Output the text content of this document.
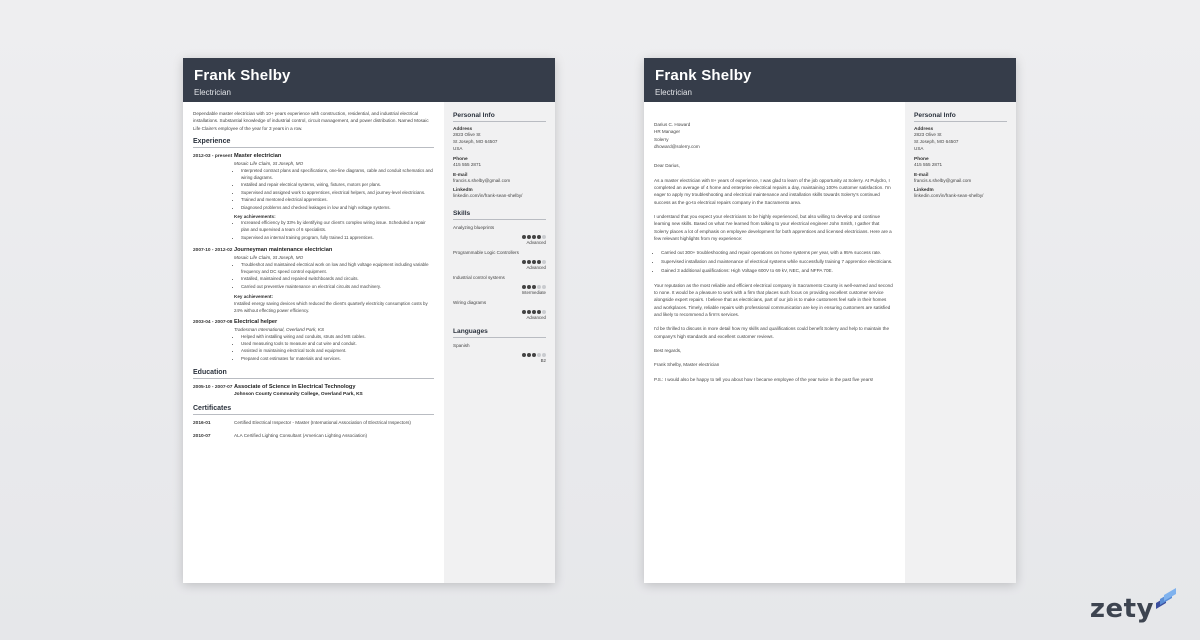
Frank Shelby
Electrician
Dependable master electrician with 10+ years experience with construction, residential, and industrial electrical installations. Substantial knowledge of industrial control, circuit management, and power distribution. Named Mosaic Life Claire's employee of the year for 3 years in a row.
Experience
2012-03 - present Master electrician
Mosaic Life Claim, St Joseph, MO
• Interpreted contract plans and specifications, one-line diagrams, cable and conduit schematics and wiring diagrams.
• Installed and repair electrical systems, wiring, fixtures, motors per plans.
• Supervised and assigned work to apprentices, electrical helpers, and journey-level electricians.
• Trained and mentored electrical apprentices.
• Diagnosed problems and checked leakages in low and high voltage systems.
Key achievements:
• Increased efficiency by 33% by identifying our client's complex wiring issue. Scheduled a repair plan and supervised a team of 6 specialists.
• Supervised an internal training program, fully trained 11 apprentices.
2007-10 - 2012-02 Journeyman maintenance electrician
Mosaic Life Claim, St Joseph, MO
• Troubleshot and maintained electrical work on low and high voltage equipment including variable frequency and DC speed control equipment.
• Installed, maintained and repaired switchboards and circuits.
• Carried out preventive maintenance on electrical circuits and machinery.
Key achievement:
Installed energy saving devices which reduced the client's quarterly electricity consumption costs by 24% without effecting power efficiency.
2003-04 - 2007-08 Electrical helper
Tradesman International, Overland Park, KS
• Helped with installing wiring and conduits, struts and MS cables.
• Used measuring tools to measure and cut wire and conduit.
• Assisted in maintaining electrical tools and equipment.
• Prepared cost estimates for materials and services.
Education
2005-10 - 2007-07 Associate of Science in Electrical Technology
Johnson County Community College, Overland Park, KS
Certificates
2016-01	Certified Electrical Inspector - Master (International Association of Electrical Inspectors)
2010-07	ALA Certified Lighting Consultant (American Lighting Association)
Personal Info
Address
2823 Olive St
St Joseph, MO 64507
USA
Phone
415 555 2871
E-mail
francis.s.shelby@gmail.com
LinkedIn
linkedin.com/in/frank-sean-shelby/
Skills
Analyzing blueprints
Advanced
Programmable Logic Controllers
Advanced
Industrial control systems
Intermediate
Wiring diagrams
Advanced
Languages
Spanish
B2
Frank Shelby
Electrician

Darius C. Howard
HR Manager
Solerry
dhoward@solerry.com

Dear Darius,

As a master electrician with 8+ years of experience, I was glad to learn of the job opportunity at Solerry. At Pulydro, I completed an average of 4 home and enterprise electrical repairs a day, maintaining 100% customer satisfaction. I'm eager to apply my troubleshooting and electrical maintenance and installation skills towards Solerry's continued success as the go-to electrical repairs company in the Sacramento area.

I understand that you expect your electricians to be highly experienced, but also willing to develop and continue learning new skills. Based on what I've learned from talking to your electrical engineer John Smith, I gather that Solerry places a lot of emphasis on employee development for both apprentices and licensed electricians. Here are a few relevant highlights from my experience:

• Carried out 300+ troubleshooting and repair operations on home systems per year, with a 95% success rate.
• Supervised installation and maintenance of electrical systems while successfully training 7 apprentice electricians.
• Gained 3 additional qualifications: High Voltage 600V to 69 kV, NEC, and NFPA 70E.

Your reputation as the most reliable and efficient electrical company in Sacramento County is well-earned and second to none. It would be a pleasure to work with a firm that places such focus on providing excellent customer service alongside expert repairs. I believe that as electricians, part of our job is to make customers feel safe in their homes and workplaces. Timely, reliable repairs with professional communication are key in ensuring customers are satisfied and likely to recommend a firm's services.

I'd be thrilled to discuss in more detail how my skills and qualifications could benefit Solerry and help to maintain the company's high standards and excellent customer reviews.

Best regards,

Frank Shelby, Master electrician

P.S.: I would also be happy to tell you about how I became employee of the year twice in the past five years!

Personal Info
Address
2823 Olive St
St Joseph, MO 64507
USA
Phone
415 555 2871
E-mail
francis.s.shelby@gmail.com
LinkedIn
linkedin.com/in/frank-sean-shelby/
zety
